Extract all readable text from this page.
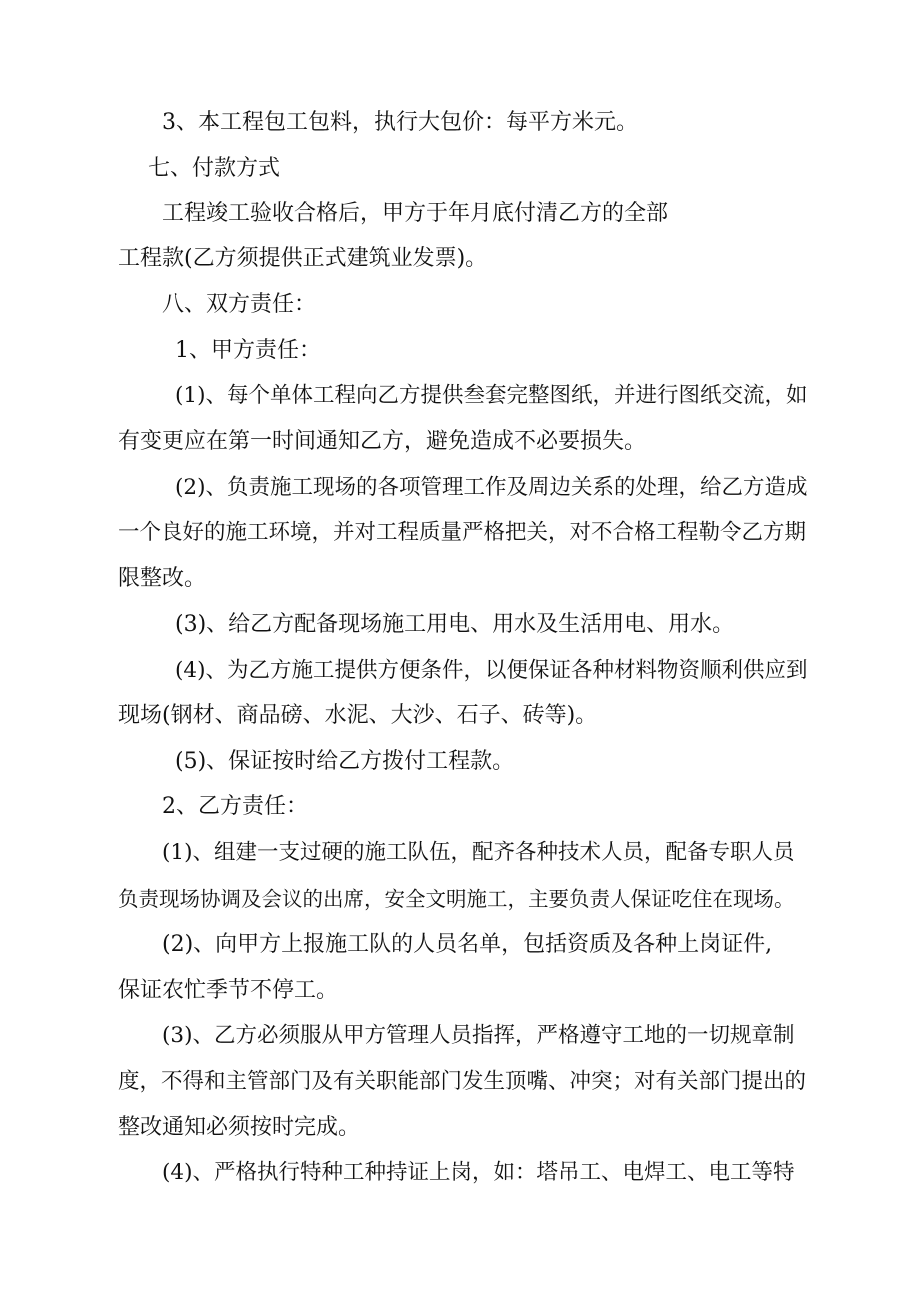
3、本工程包工包料，执行大包价：每平方米元。
七、付款方式
工程竣工验收合格后，甲方于年月底付清乙方的全部
工程款(乙方须提供正式建筑业发票)。
八、双方责任：
1、甲方责任：
(1)、每个单体工程向乙方提供叁套完整图纸，并进行图纸交流，如
有变更应在第一时间通知乙方，避免造成不必要损失。
(2)、负责施工现场的各项管理工作及周边关系的处理，给乙方造成
一个良好的施工环境，并对工程质量严格把关，对不合格工程勒令乙方期
限整改。
(3)、给乙方配备现场施工用电、用水及生活用电、用水。
(4)、为乙方施工提供方便条件，以便保证各种材料物资顺利供应到
现场(钢材、商品磅、水泥、大沙、石子、砖等)。
(5)、保证按时给乙方拨付工程款。
2、乙方责任：
(1)、组建一支过硬的施工队伍，配齐各种技术人员，配备专职人员
负责现场协调及会议的出席，安全文明施工，主要负责人保证吃住在现场。
(2)、向甲方上报施工队的人员名单，包括资质及各种上岗证件,
保证农忙季节不停工。
(3)、乙方必须服从甲方管理人员指挥，严格遵守工地的一切规章制
度，不得和主管部门及有关职能部门发生顶嘴、冲突；对有关部门提出的
整改通知必须按时完成。
(4)、严格执行特种工种持证上岗，如：塔吊工、电焊工、电工等特
